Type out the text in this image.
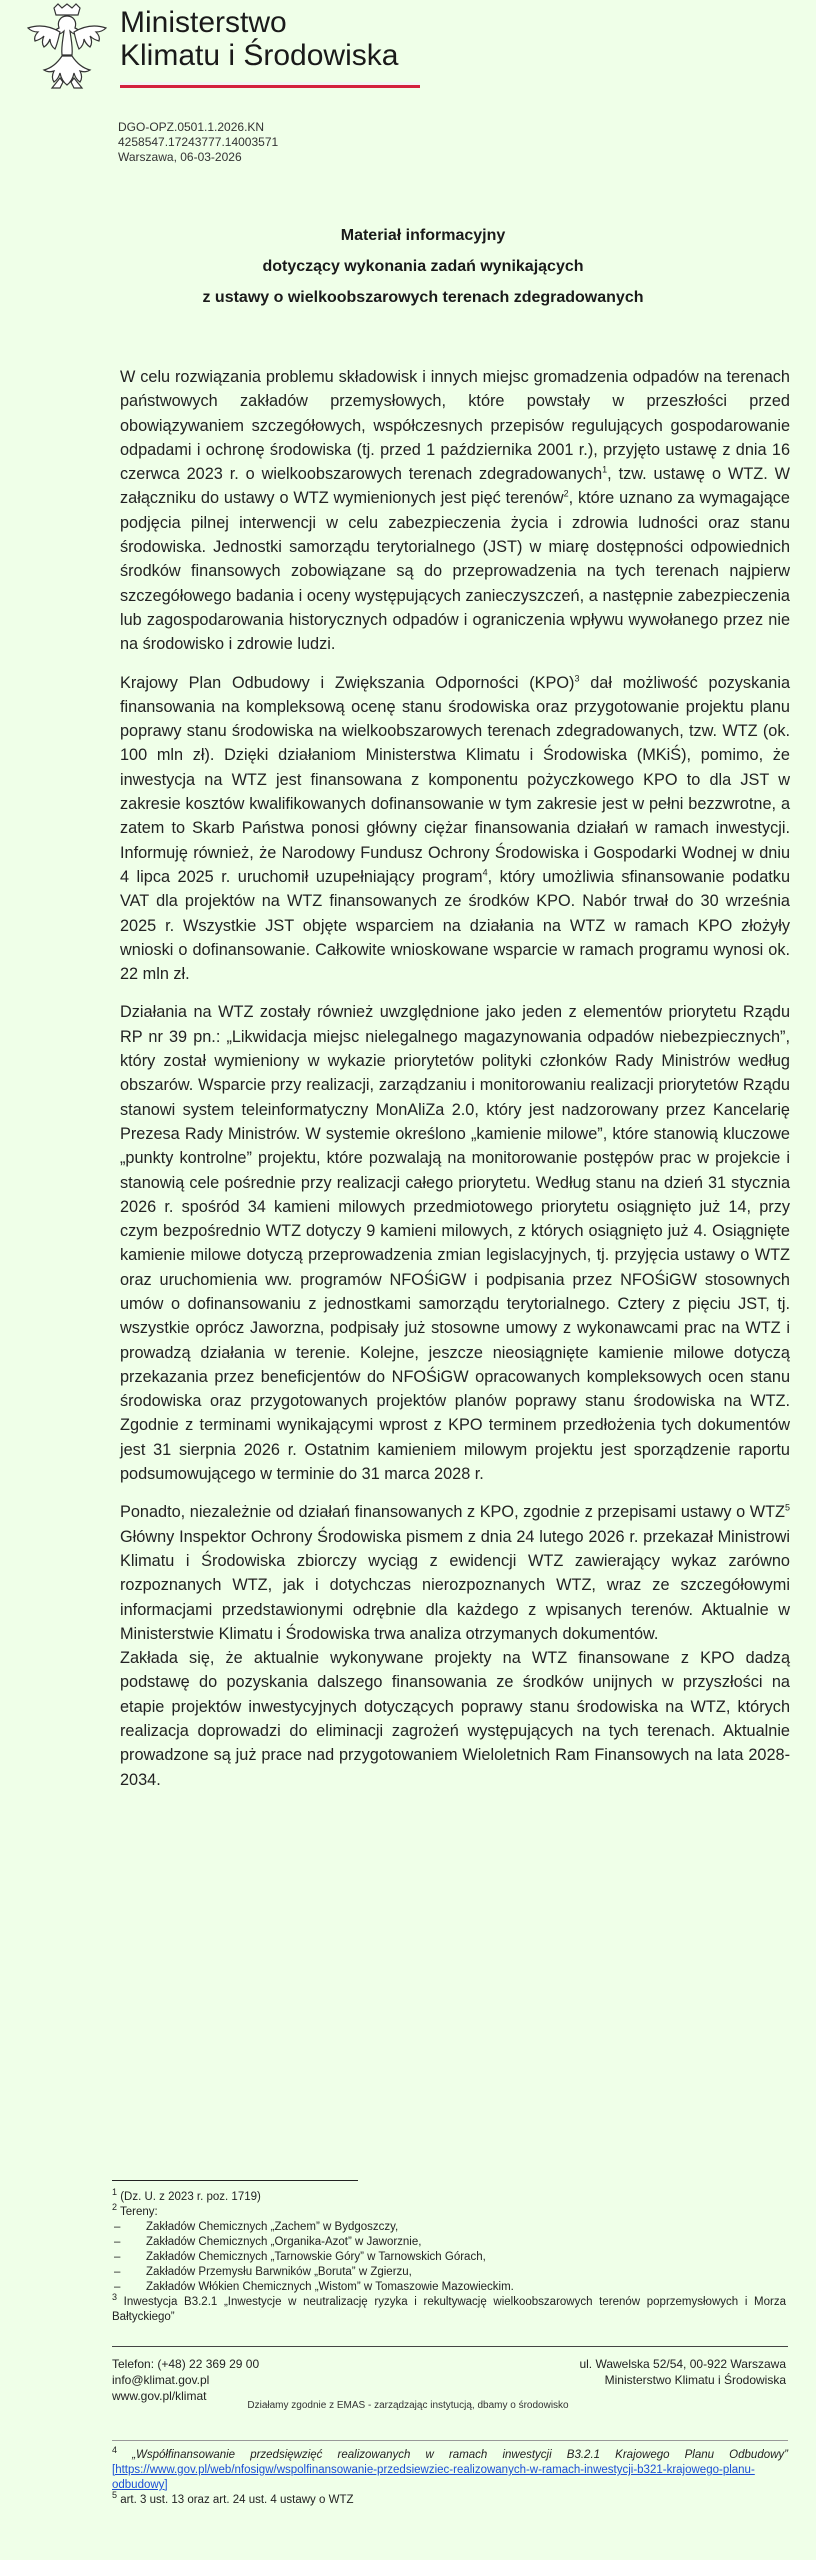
Ministerstwo
Klimatu i Środowiska
DGO-OPZ.0501.1.2026.KN
4258547.17243777.14003571
Warszawa, 06-03-2026
Materiał informacyjny
dotyczący wykonania zadań wynikających
z ustawy o wielkoobszarowych terenach zdegradowanych

W celu rozwiązania problemu składowisk i innych miejsc gromadzenia odpadów na terenach państwowych zakładów przemysłowych, które powstały w przeszłości przed obowiązywaniem szczegółowych, współczesnych przepisów regulujących gospodarowanie odpadami i ochronę środowiska (tj. przed 1 października 2001 r.), przyjęto ustawę z dnia 16 czerwca 2023 r. o wielkoobszarowych terenach zdegradowanych$^1$, tzw. ustawę o WTZ. W załączniku do ustawy o WTZ wymienionych jest pięć terenów$^2$, które uznano za wymagające podjęcia pilnej interwencji w celu zabezpieczenia życia i zdrowia ludności oraz stanu środowiska. Jednostki samorządu terytorialnego (JST) w miarę dostępności odpowiednich środków finansowych zobowiązane są do przeprowadzenia na tych terenach najpierw szczegółowego badania i oceny występujących zanieczyszczeń, a następnie zabezpieczenia lub zagospodarowania historycznych odpadów i ograniczenia wpływu wywołanego przez nie na środowisko i zdrowie ludzi.

Krajowy Plan Odbudowy i Zwiększania Odporności (KPO)$^3$ dał możliwość pozyskania finansowania na kompleksową ocenę stanu środowiska oraz przygotowanie projektu planu poprawy stanu środowiska na wielkoobszarowych terenach zdegradowanych, tzw. WTZ (ok. 100 mln zł). Dzięki działaniom Ministerstwa Klimatu i Środowiska (MKiŚ), pomimo, że inwestycja na WTZ jest finansowana z komponentu pożyczkowego KPO to dla JST w zakresie kosztów kwalifikowanych dofinansowanie w tym zakresie jest w pełni bezzwrotne, a zatem to Skarb Państwa ponosi główny ciężar finansowania działań w ramach inwestycji. Informuję również, że Narodowy Fundusz Ochrony Środowiska i Gospodarki Wodnej w dniu 4 lipca 2025 r. uruchomił uzupełniający program$^4$, który umożliwia sfinansowanie podatku VAT dla projektów na WTZ finansowanych ze środków KPO. Nabór trwał do 30 września 2025 r. Wszystkie JST objęte wsparciem na działania na WTZ w ramach KPO złożyły wnioski o dofinansowanie. Całkowite wnioskowane wsparcie w ramach programu wynosi ok. 22 mln zł.

Działania na WTZ zostały również uwzględnione jako jeden z elementów priorytetu Rządu RP nr 39 pn.: „Likwidacja miejsc nielegalnego magazynowania odpadów niebezpiecznych”, który został wymieniony w wykazie priorytetów polityki członków Rady Ministrów według obszarów. Wsparcie przy realizacji, zarządzaniu i monitorowaniu realizacji priorytetów Rządu stanowi system teleinformatyczny MonAliZa 2.0, który jest nadzorowany przez Kancelarię Prezesa Rady Ministrów. W systemie określono „kamienie milowe”, które stanowią kluczowe „punkty kontrolne” projektu, które pozwalają na monitorowanie postępów prac w projekcie i stanowią cele pośrednie przy realizacji całego priorytetu. Według stanu na dzień 31 stycznia 2026 r. spośród 34 kamieni milowych przedmiotowego priorytetu osiągnięto już 14, przy czym bezpośrednio WTZ dotyczy 9 kamieni milowych, z których osiągnięto już 4. Osiągnięte kamienie milowe dotyczą przeprowadzenia zmian legislacyjnych, tj. przyjęcia ustawy o WTZ oraz uruchomienia ww. programów NFOŚiGW i podpisania przez NFOŚiGW stosownych umów o dofinansowaniu z jednostkami samorządu terytorialnego. Cztery z pięciu JST, tj. wszystkie oprócz Jaworzna, podpisały już stosowne umowy z wykonawcami prac na WTZ i prowadzą działania w terenie. Kolejne, jeszcze nieosiągnięte kamienie milowe dotyczą przekazania przez beneficjentów do NFOŚiGW opracowanych kompleksowych ocen stanu środowiska oraz przygotowanych projektów planów poprawy stanu środowiska na WTZ. Zgodnie z terminami wynikającymi wprost z KPO terminem przedłożenia tych dokumentów jest 31 sierpnia 2026 r. Ostatnim kamieniem milowym projektu jest sporządzenie raportu podsumowującego w terminie do 31 marca 2028 r.

Ponadto, niezależnie od działań finansowanych z KPO, zgodnie z przepisami ustawy o WTZ$^5$ Główny Inspektor Ochrony Środowiska pismem z dnia 24 lutego 2026 r. przekazał Ministrowi Klimatu i Środowiska zbiorczy wyciąg z ewidencji WTZ zawierający wykaz zarówno rozpoznanych WTZ, jak i dotychczas nierozpoznanych WTZ, wraz ze szczegółowymi informacjami przedstawionymi odrębnie dla każdego z wpisanych terenów. Aktualnie w Ministerstwie Klimatu i Środowiska trwa analiza otrzymanych dokumentów.

Zakłada się, że aktualnie wykonywane projekty na WTZ finansowane z KPO dadzą podstawę do pozyskania dalszego finansowania ze środków unijnych w przyszłości na etapie projektów inwestycyjnych dotyczących poprawy stanu środowiska na WTZ, których realizacja doprowadzi do eliminacji zagrożeń występujących na tych terenach. Aktualnie prowadzone są już prace nad przygotowaniem Wieloletnich Ram Finansowych na lata 2028-2034.

$^1$ (Dz. U. z 2023 r. poz. 1719)
$^2$ Tereny:
– Zakładów Chemicznych „Zachem” w Bydgoszczy,
– Zakładów Chemicznych „Organika-Azot” w Jaworznie,
– Zakładów Chemicznych „Tarnowskie Góry” w Tarnowskich Górach,
– Zakładów Przemysłu Barwników „Boruta” w Zgierzu,
– Zakładów Włókien Chemicznych „Wistom” w Tomaszowie Mazowieckim.
$^3$ Inwestycja B3.2.1 „Inwestycje w neutralizację ryzyka i rekultywację wielkoobszarowych terenów poprzemysłowych i Morza Bałtyckiego”
Telefon: (+48) 22 369 29 00
info@klimat.gov.pl
www.gov.pl/klimat
ul. Wawelska 52/54, 00-922 Warszawa
Ministerstwo Klimatu i Środowiska
Działamy zgodnie z EMAS - zarządzając instytucją, dbamy o środowisko
$^4$ „Współfinansowanie przedsięwzięć realizowanych w ramach inwestycji B3.2.1 Krajowego Planu Odbudowy” [https://www.gov.pl/web/nfosigw/wspolfinansowanie-przedsiewziec-realizowanych-w-ramach-inwestycji-b321-krajowego-planu-odbudowy]
$^5$ art. 3 ust. 13 oraz art. 24 ust. 4 ustawy o WTZ
